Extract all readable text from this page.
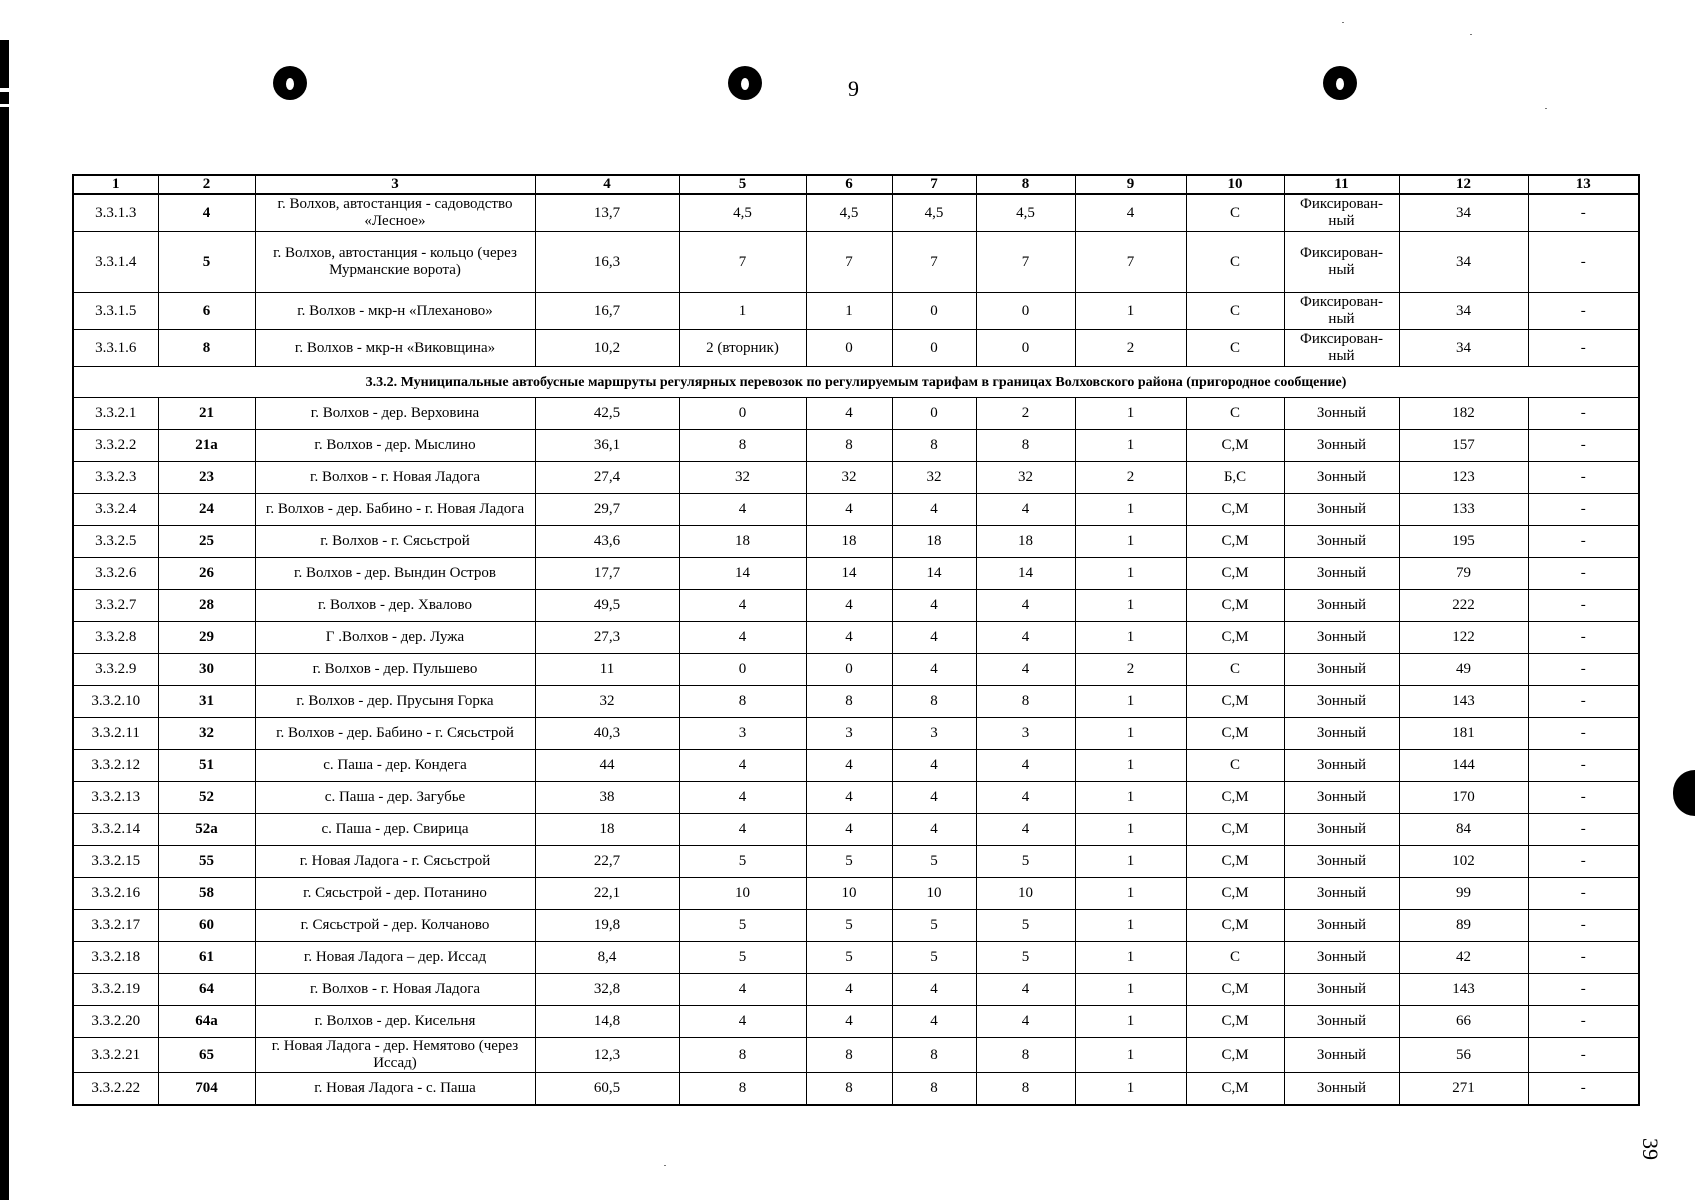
9
39
1	2	3	4	5	6	7	8	9	10	11	12	13
3.3.1.3	4	г. Волхов, автостанция - садоводство «Лесное»	13,7	4,5	4,5	4,5	4,5	4	С	Фиксирован-ный	34	-
3.3.1.4	5	г. Волхов, автостанция - кольцо (через Мурманские ворота)	16,3	7	7	7	7	7	С	Фиксирован-ный	34	-
3.3.1.5	6	г. Волхов - мкр-н «Плеханово»	16,7	1	1	0	0	1	С	Фиксирован-ный	34	-
3.3.1.6	8	г. Волхов - мкр-н «Виковщина»	10,2	2 (вторник)	0	0	0	2	С	Фиксирован-ный	34	-
3.3.2. Муниципальные автобусные маршруты регулярных перевозок по регулируемым тарифам в границах Волховского района (пригородное сообщение)												
3.3.2.1	21	г. Волхов - дер. Верховина	42,5	0	4	0	2	1	С	Зонный	182	-
3.3.2.2	21а	г. Волхов - дер. Мыслино	36,1	8	8	8	8	1	С,М	Зонный	157	-
3.3.2.3	23	г. Волхов - г. Новая Ладога	27,4	32	32	32	32	2	Б,С	Зонный	123	-
3.3.2.4	24	г. Волхов - дер. Бабино - г. Новая Ладога	29,7	4	4	4	4	1	С,М	Зонный	133	-
3.3.2.5	25	г. Волхов - г. Сясьстрой	43,6	18	18	18	18	1	С,М	Зонный	195	-
3.3.2.6	26	г. Волхов - дер. Вындин Остров	17,7	14	14	14	14	1	С,М	Зонный	79	-
3.3.2.7	28	г. Волхов - дер. Хвалово	49,5	4	4	4	4	1	С,М	Зонный	222	-
3.3.2.8	29	Г .Волхов - дер. Лужа	27,3	4	4	4	4	1	С,М	Зонный	122	-
3.3.2.9	30	г. Волхов - дер. Пульшево	11	0	0	4	4	2	С	Зонный	49	-
3.3.2.10	31	г. Волхов - дер. Прусыня Горка	32	8	8	8	8	1	С,М	Зонный	143	-
3.3.2.11	32	г. Волхов - дер. Бабино - г. Сясьстрой	40,3	3	3	3	3	1	С,М	Зонный	181	-
3.3.2.12	51	с. Паша - дер. Кондега	44	4	4	4	4	1	С	Зонный	144	-
3.3.2.13	52	с. Паша - дер. Загубье	38	4	4	4	4	1	С,М	Зонный	170	-
3.3.2.14	52а	с. Паша - дер. Свирица	18	4	4	4	4	1	С,М	Зонный	84	-
3.3.2.15	55	г. Новая Ладога - г. Сясьстрой	22,7	5	5	5	5	1	С,М	Зонный	102	-
3.3.2.16	58	г. Сясьстрой - дер. Потанино	22,1	10	10	10	10	1	С,М	Зонный	99	-
3.3.2.17	60	г. Сясьстрой - дер. Колчаново	19,8	5	5	5	5	1	С,М	Зонный	89	-
3.3.2.18	61	г. Новая Ладога – дер. Иссад	8,4	5	5	5	5	1	С	Зонный	42	-
3.3.2.19	64	г. Волхов - г. Новая Ладога	32,8	4	4	4	4	1	С,М	Зонный	143	-
3.3.2.20	64а	г. Волхов - дер. Кисельня	14,8	4	4	4	4	1	С,М	Зонный	66	-
3.3.2.21	65	г. Новая Ладога - дер. Немятово (через Иссад)	12,3	8	8	8	8	1	С,М	Зонный	56	-
3.3.2.22	704	г. Новая Ладога - с. Паша	60,5	8	8	8	8	1	С,М	Зонный	271	-
